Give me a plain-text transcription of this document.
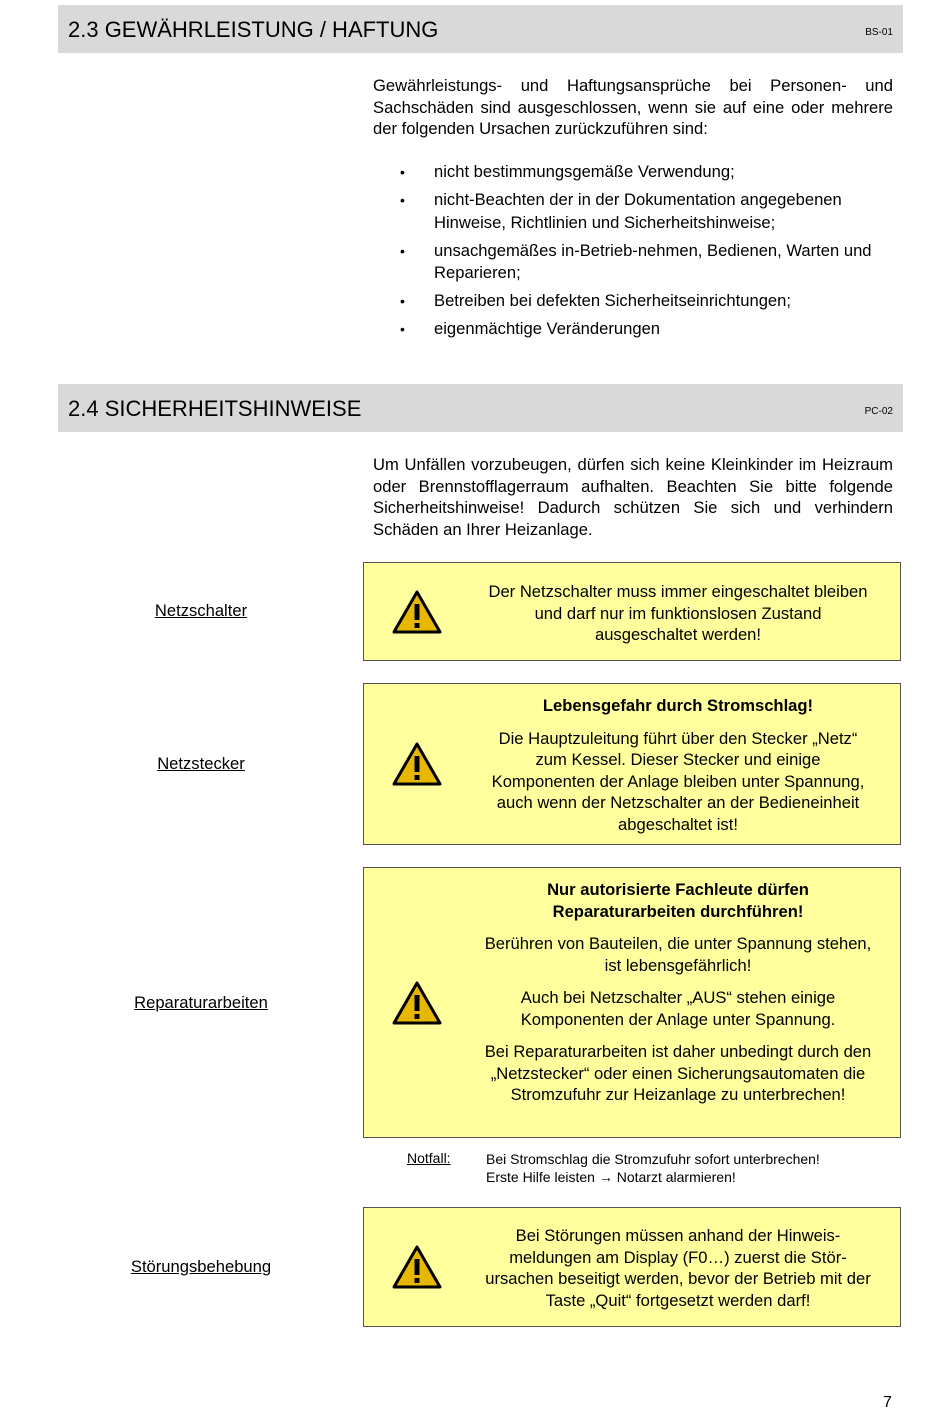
2.3 GEWÄHRLEISTUNG / HAFTUNG	BS-01
Gewährleistungs- und Haftungsansprüche bei Personen- und Sachschäden sind ausgeschlossen, wenn sie auf eine oder mehrere der folgenden Ursachen zurückzuführen sind:
• nicht bestimmungsgemäße Verwendung;
• nicht-Beachten der in der Dokumentation angegebenen Hinweise, Richtlinien und Sicherheitshinweise;
• unsachgemäßes in-Betrieb-nehmen, Bedienen, Warten und Reparieren;
• Betreiben bei defekten Sicherheitseinrichtungen;
• eigenmächtige Veränderungen
2.4 SICHERHEITSHINWEISE	PC-02
Um Unfällen vorzubeugen, dürfen sich keine Kleinkinder im Heizraum oder Brennstofflagerraum aufhalten. Beachten Sie bitte folgende Sicherheitshinweise! Dadurch schützen Sie sich und verhindern Schäden an Ihrer Heizanlage.
Netzschalter
Der Netzschalter muss immer eingeschaltet bleiben und darf nur im funktionslosen Zustand ausgeschaltet werden!
Netzstecker

Lebensgefahr durch Stromschlag!

Die Hauptzuleitung führt über den Stecker „Netz“ zum Kessel. Dieser Stecker und einige Komponenten der Anlage bleiben unter Spannung, auch wenn der Netzschalter an der Bedieneinheit abgeschaltet ist!

Reparaturarbeiten

Nur autorisierte Fachleute dürfen Reparaturarbeiten durchführen!

Berühren von Bauteilen, die unter Spannung stehen, ist lebensgefährlich!

Auch bei Netzschalter „AUS“ stehen einige Komponenten der Anlage unter Spannung.

Bei Reparaturarbeiten ist daher unbedingt durch den „Netzstecker“ oder einen Sicherungsautomaten die Stromzufuhr zur Heizanlage zu unterbrechen!

Notfall:	Bei Stromschlag die Stromzufuhr sofort unterbrechen!
Erste Hilfe leisten → Notarzt alarmieren!
Störungsbehebung
Bei Störungen müssen anhand der Hinweis-meldungen am Display (F0…) zuerst die Stör-ursachen beseitigt werden, bevor der Betrieb mit der Taste „Quit“ fortgesetzt werden darf!
7
